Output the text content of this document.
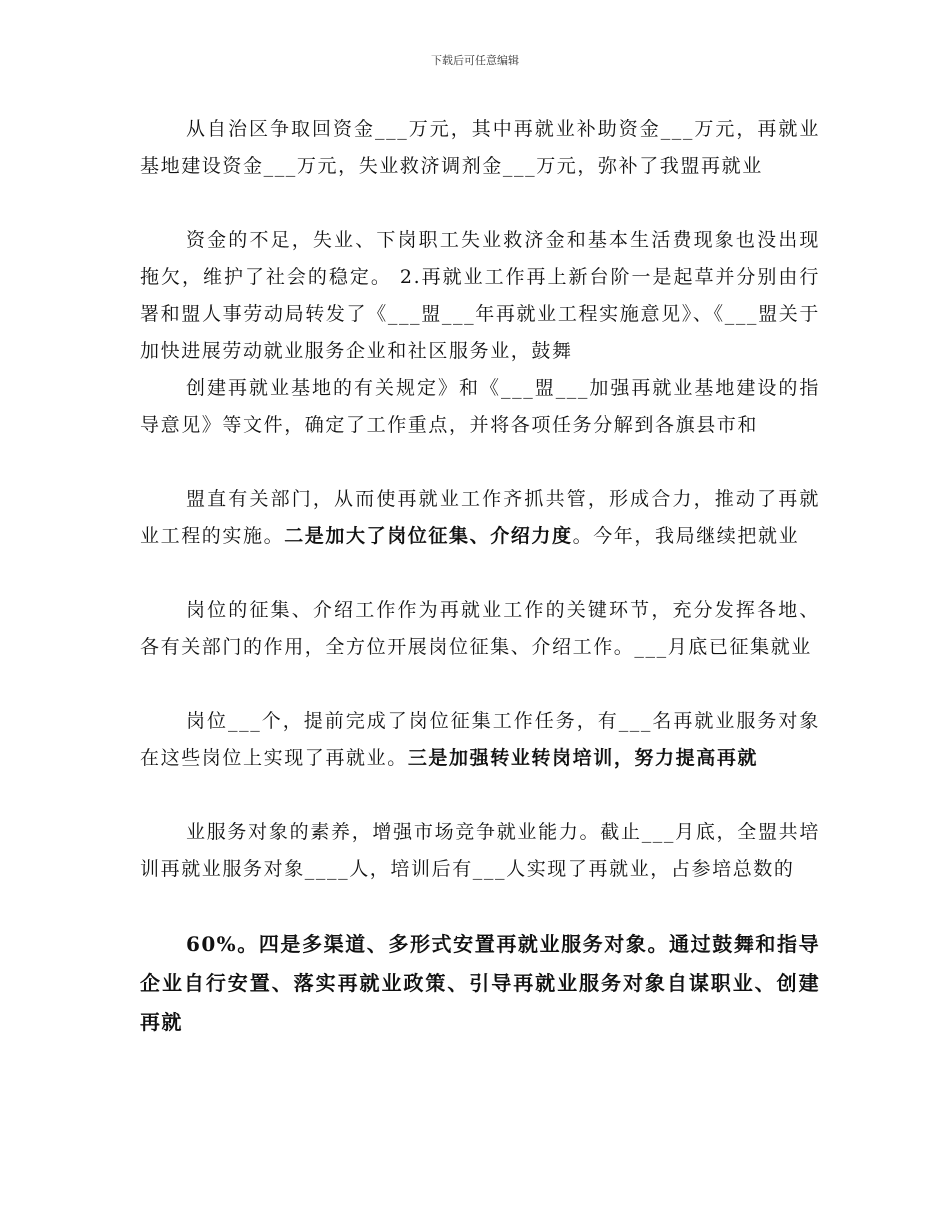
下载后可任意编辑

从自治区争取回资金___万元，其中再就业补助资金___万元，再就业基地建设资金___万元，失业救济调剂金___万元，弥补了我盟再就业

资金的不足，失业、下岗职工失业救济金和基本生活费现象也没出现拖欠，维护了社会的稳定。 2.再就业工作再上新台阶一是起草并分别由行署和盟人事劳动局转发了《___盟___年再就业工程实施意见》、《___盟关于加快进展劳动就业服务企业和社区服务业，鼓舞

创建再就业基地的有关规定》和《___盟___加强再就业基地建设的指导意见》等文件，确定了工作重点，并将各项任务分解到各旗县市和

盟直有关部门，从而使再就业工作齐抓共管，形成合力，推动了再就业工程的实施。二是加大了岗位征集、介绍力度。今年，我局继续把就业

岗位的征集、介绍工作作为再就业工作的关键环节，充分发挥各地、各有关部门的作用，全方位开展岗位征集、介绍工作。___月底已征集就业

岗位___个，提前完成了岗位征集工作任务，有___名再就业服务对象在这些岗位上实现了再就业。三是加强转业转岗培训，努力提高再就

业服务对象的素养，增强市场竞争就业能力。截止___月底，全盟共培训再就业服务对象____人，培训后有___人实现了再就业，占参培总数的

60%。四是多渠道、多形式安置再就业服务对象。通过鼓舞和指导企业自行安置、落实再就业政策、引导再就业服务对象自谋职业、创建再就
